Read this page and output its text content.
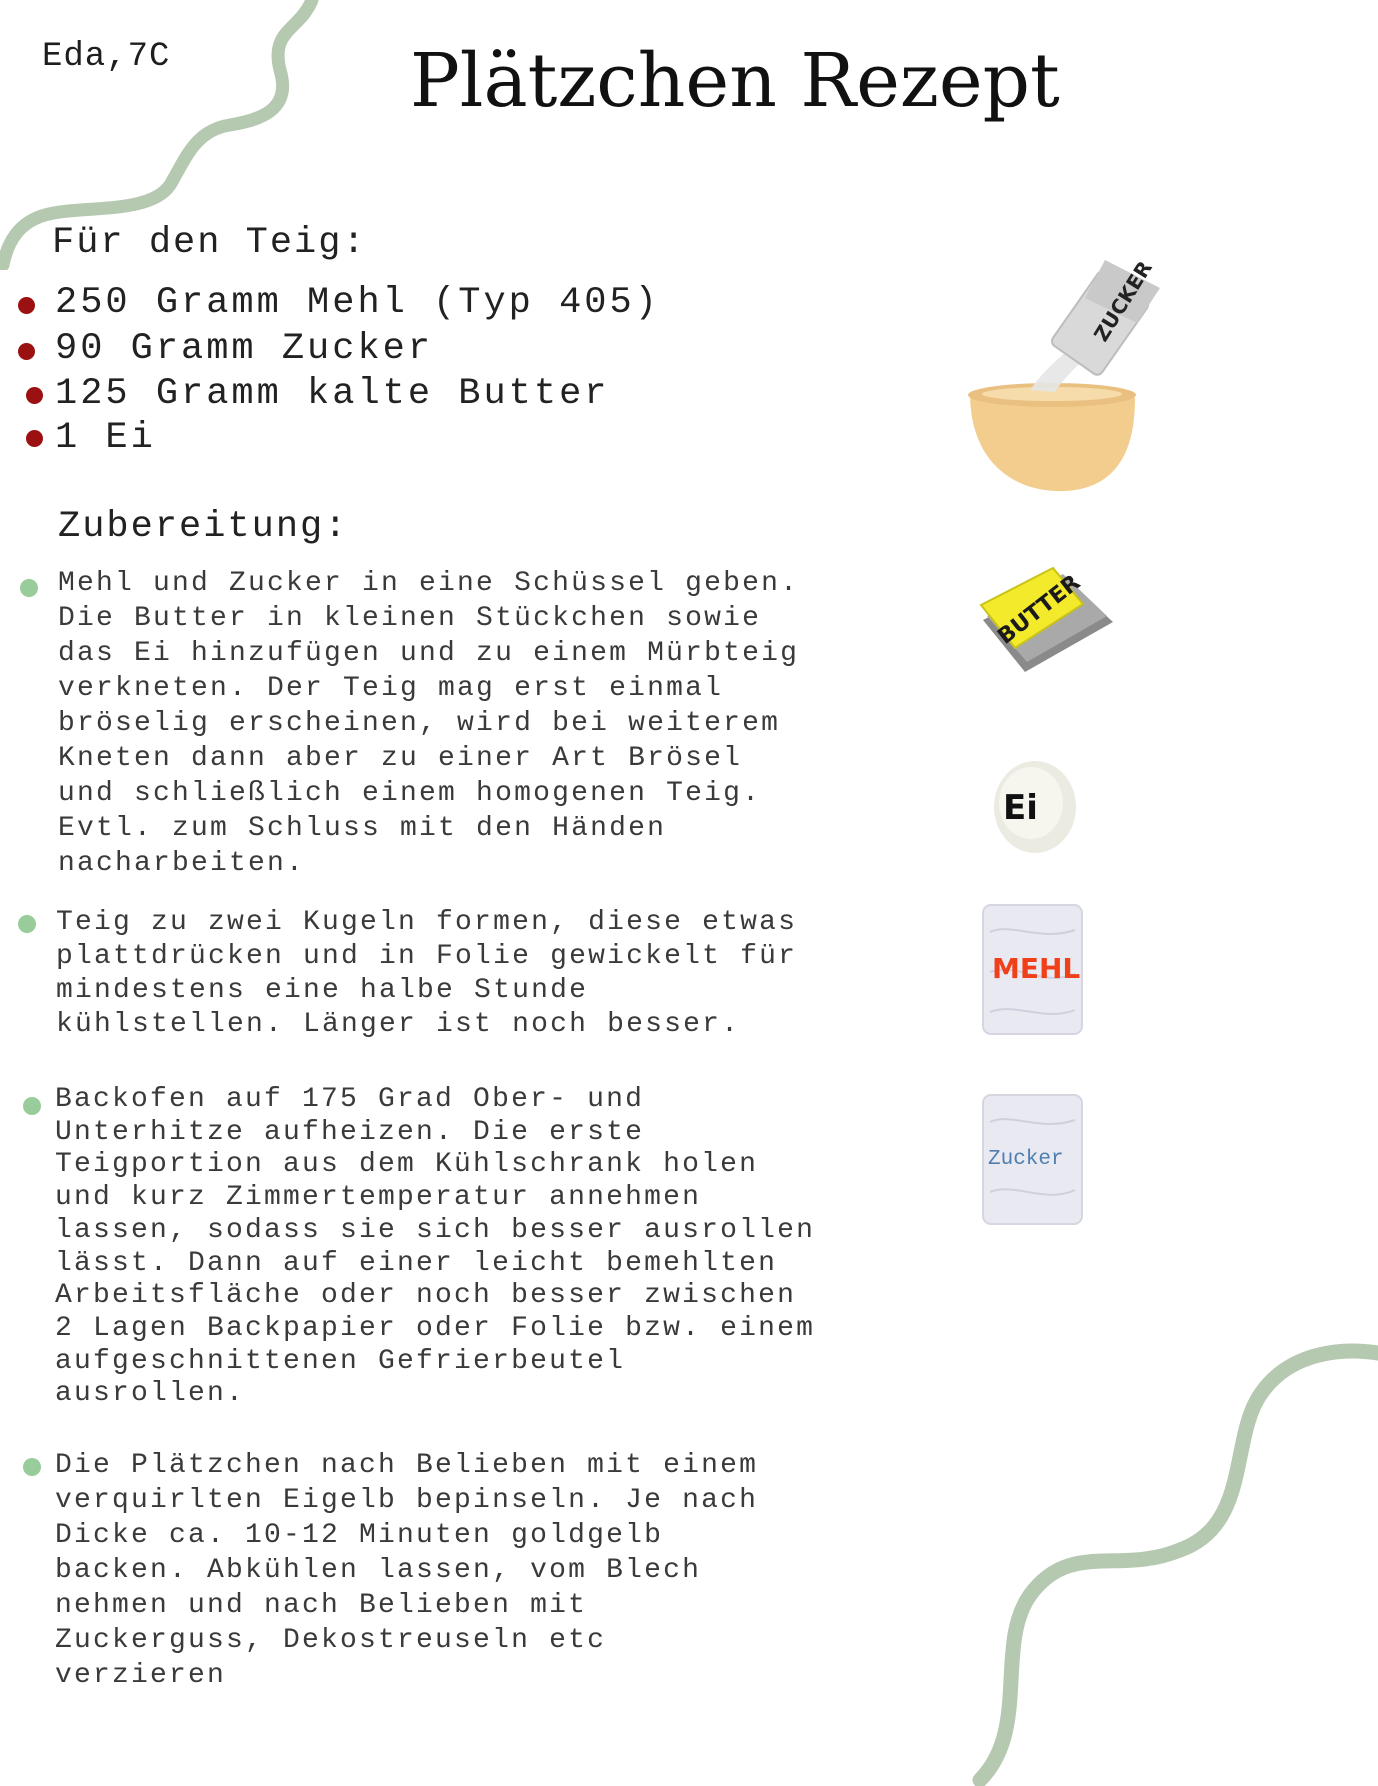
Eda,7C	Plätzchen Rezept
Für den Teig:
250 Gramm Mehl (Typ 405)
90 Gramm Zucker
125 Gramm kalte Butter
1 Ei
Zubereitung:

Mehl und Zucker in eine Schüssel geben.
Die Butter in kleinen Stückchen sowie
das Ei hinzufügen und zu einem Mürbteig
verkneten. Der Teig mag erst einmal
bröselig erscheinen, wird bei weiterem
Kneten dann aber zu einer Art Brösel
und schließlich einem homogenen Teig.
Evtl. zum Schluss mit den Händen
nacharbeiten.

Teig zu zwei Kugeln formen, diese etwas
plattdrücken und in Folie gewickelt für
mindestens eine halbe Stunde
kühlstellen. Länger ist noch besser.

Backofen auf 175 Grad Ober- und
Unterhitze aufheizen. Die erste
Teigportion aus dem Kühlschrank holen
und kurz Zimmertemperatur annehmen
lassen, sodass sie sich besser ausrollen
lässt. Dann auf einer leicht bemehlten
Arbeitsfläche oder noch besser zwischen
2 Lagen Backpapier oder Folie bzw. einem
aufgeschnittenen Gefrierbeutel
ausrollen.

Die Plätzchen nach Belieben mit einem
verquirlten Eigelb bepinseln. Je nach
Dicke ca. 10-12 Minuten goldgelb
backen. Abkühlen lassen, vom Blech
nehmen und nach Belieben mit
Zuckerguss, Dekostreuseln etc
verzieren

ZUCKER
BUTTER
Ei
MEHL
Zucker
